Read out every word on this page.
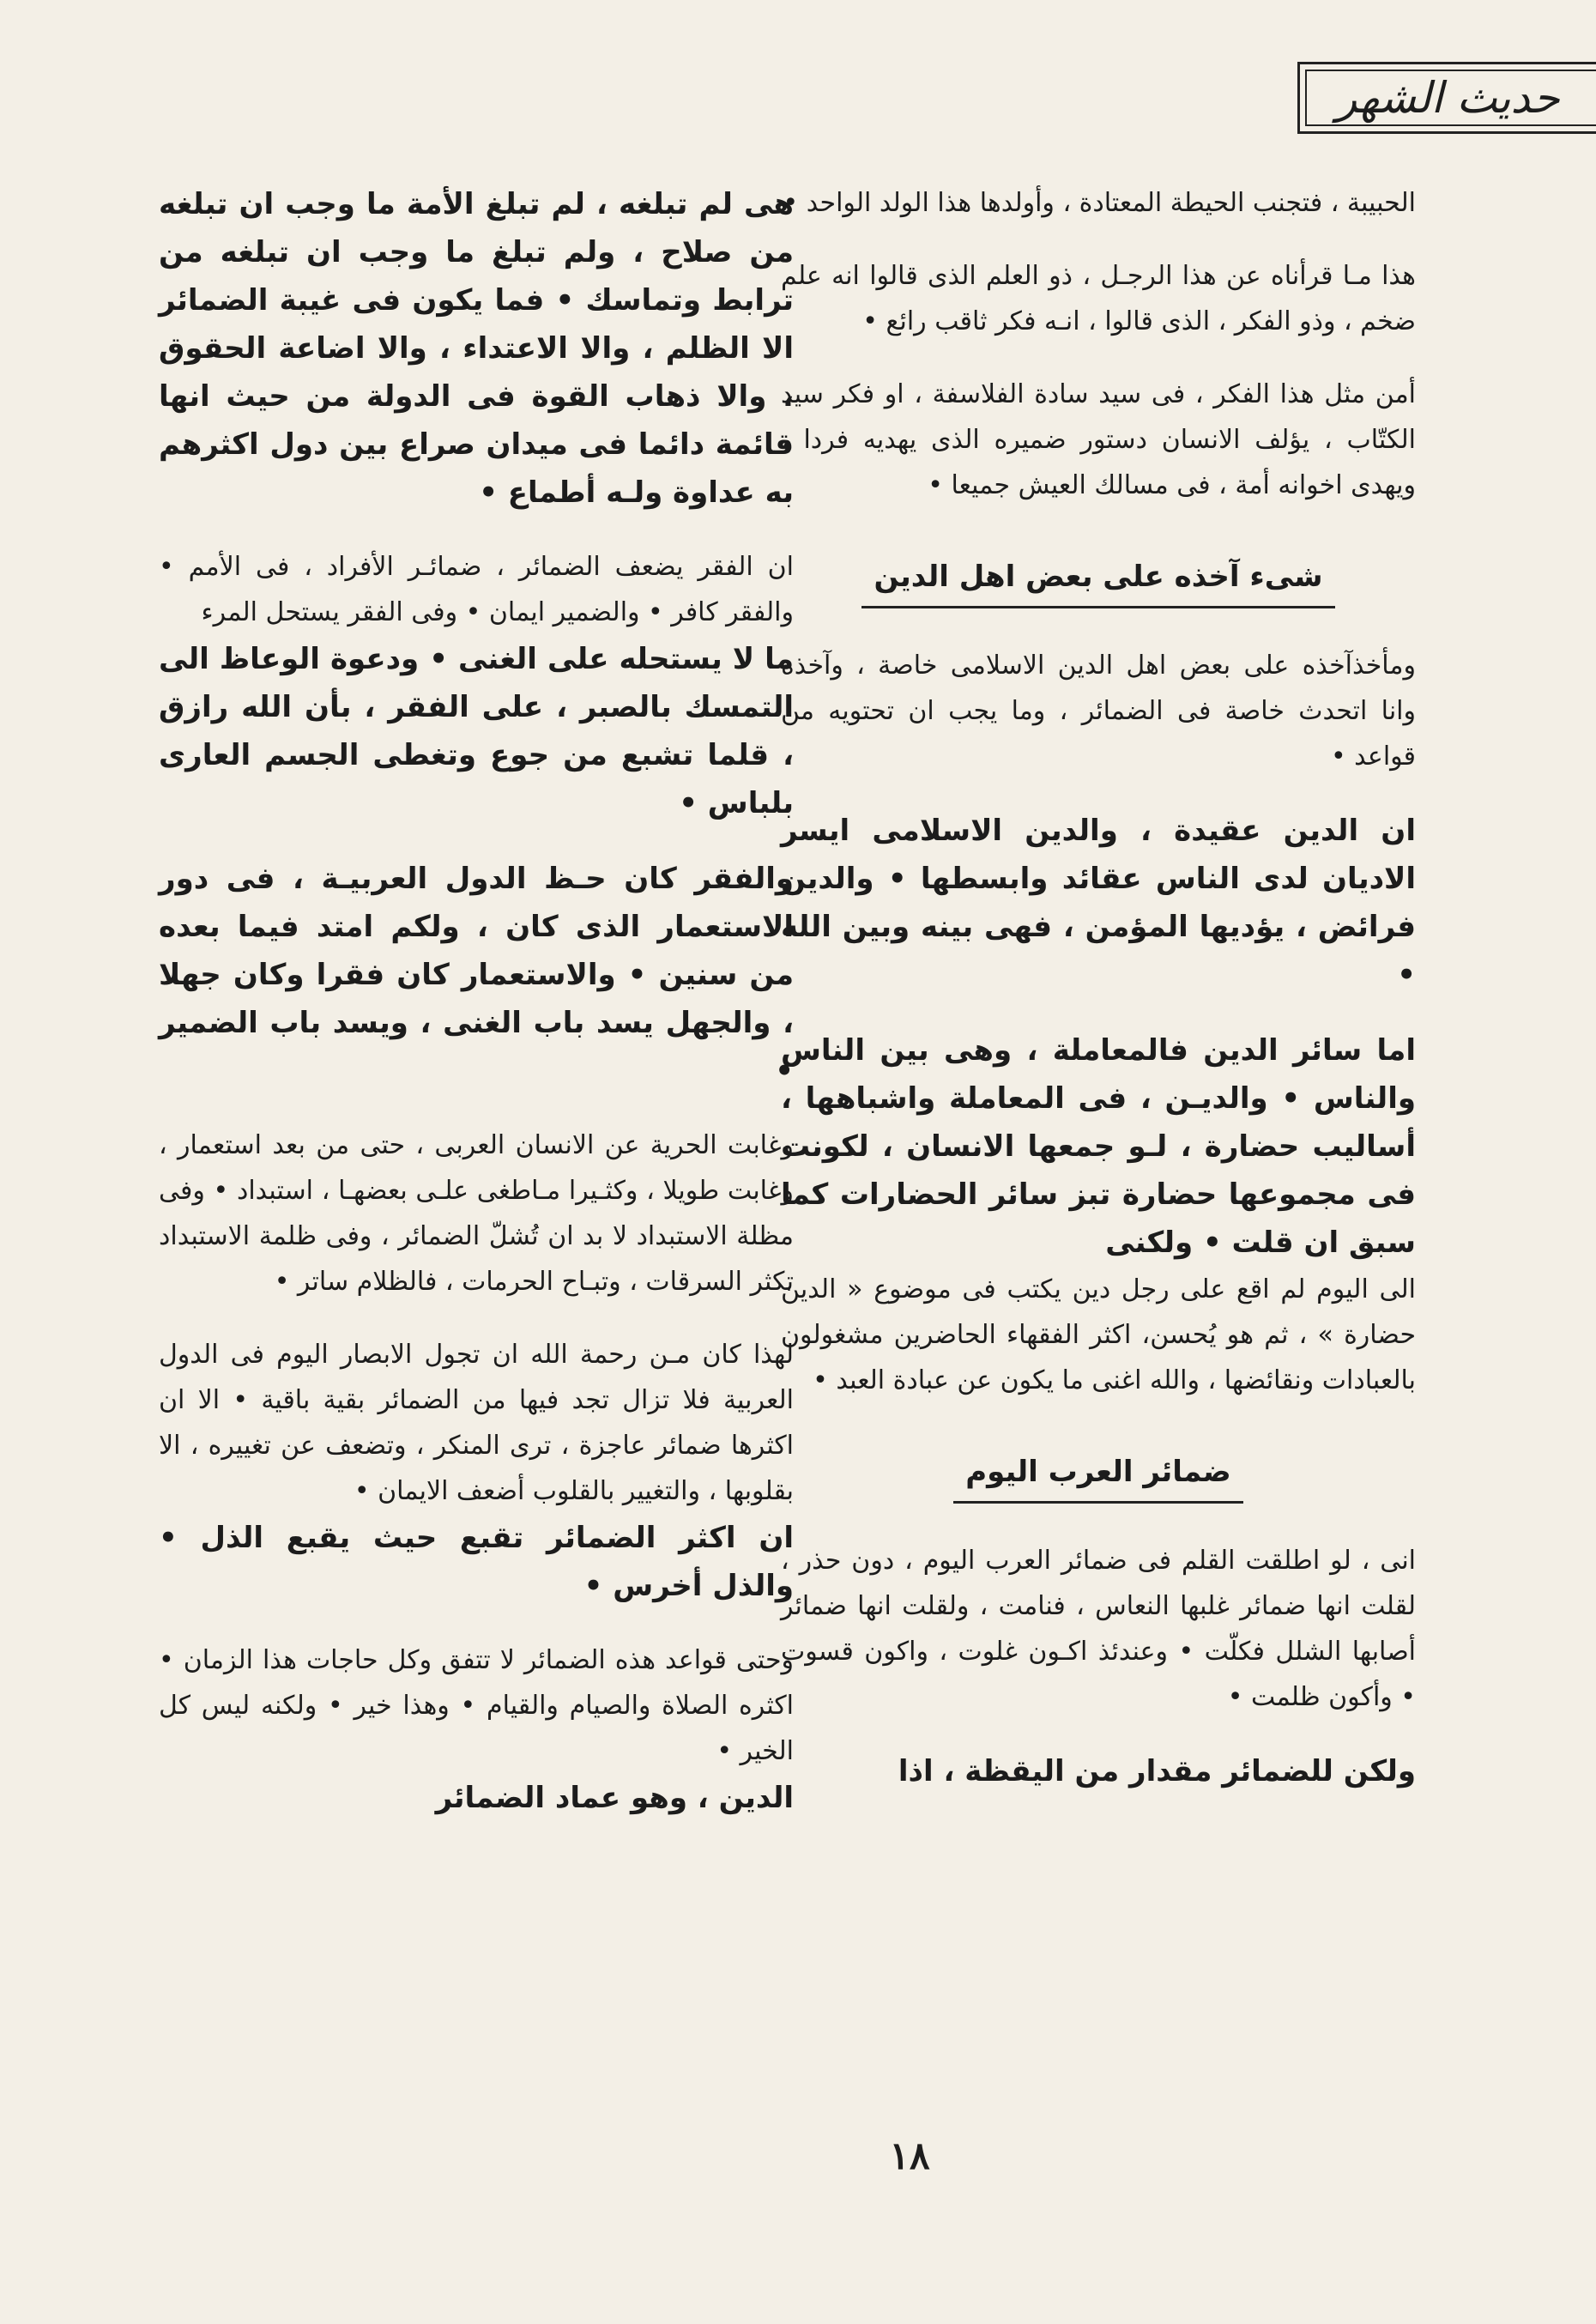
حديث الشهر

الحبيبة ، فتجنب الحيطة المعتادة ، وأولدها هذا الولد الواحد •

هذا مـا قرأناه عن هذا الرجـل ، ذو العلم الذى قالوا انه علم ضخم ، وذو الفكر ، الذى قالوا ، انـه فكر ثاقب رائع •

أمن مثل هذا الفكر ، فى سيد سادة الفلاسفة ، او فكر سيد الكتّاب ، يؤلف الانسان دستور ضميره الذى يهديه فردا ، ويهدى اخوانه أمة ، فى مسالك العيش جميعا •

شىء آخذه على بعض اهل الدين

ومأخذآخذه على بعض اهل الدين الاسلامى خاصة ، وآخذه وانا اتحدث خاصة فى الضمائر ، وما يجب ان تحتويه من قواعد •

ان الدين عقيدة ، والدين الاسلامى ايسر الاديان لدى الناس عقائد وابسطها • والدين فرائض ، يؤديها المؤمن ، فهى بينه وبين الله •

اما سائر الدين فالمعاملة ، وهى بين الناس والناس • والديـن ، فى المعاملة واشباهها ، أساليب حضارة ، لـو جمعها الانسان ، لكونت فى مجموعها حضارة تبز سائر الحضارات كما سبق ان قلت • ولكنى

الى اليوم لم اقع على رجل دين يكتب فى موضوع « الدين حضارة » ، ثم هو يُحسن، اكثر الفقهاء الحاضرين مشغولون بالعبادات ونقائضها ، والله اغنى ما يكون عن عبادة العبد •

ضمائر العرب اليوم

انى ، لو اطلقت القلم فى ضمائر العرب اليوم ، دون حذر ، لقلت انها ضمائر غلبها النعاس ، فنامت ، ولقلت انها ضمائر أصابها الشلل فكلّت • وعندئذ اكـون غلوت ، واكون قسوت • وأكون ظلمت •

ولكن للضمائر مقدار من اليقظة ، اذا

هى لم تبلغه ، لم تبلغ الأمة ما وجب ان تبلغه من صلاح ، ولم تبلغ ما وجب ان تبلغه من ترابط وتماسك • فما يكون فى غيبة الضمائر الا الظلم ، والا الاعتداء ، والا اضاعة الحقوق ، والا ذهاب القوة فى الدولة من حيث انها قائمة دائما فى ميدان صراع بين دول اكثرهم به عداوة ولـه أطماع •

ان الفقر يضعف الضمائر ، ضمائـر الأفراد ، فى الأمم • والفقر كافر • والضمير ايمان • وفى الفقر يستحل المرء

ما لا يستحله على الغنى • ودعوة الوعاظ الى التمسك بالصبر ، على الفقر ، بأن الله رازق ، قلما تشبع من جوع وتغطى الجسم العارى بلباس •

والفقر كان حـظ الدول العربيـة ، فى دور الاستعمار الذى كان ، ولكم امتد فيما بعده من سنين • والاستعمار كان فقرا وكان جهلا ، والجهل يسد باب الغنى ، ويسد باب الضمير •

وغابت الحرية عن الانسان العربى ، حتى من بعد استعمار ، وغابت طويلا ، وكثـيرا مـاطغى علـى بعضهـا ، استبداد • وفى مظلة الاستبداد لا بد ان تُشلّ الضمائر ، وفى ظلمة الاستبداد تكثر السرقات ، وتبـاح الحرمات ، فالظلام ساتر •

لهذا كان مـن رحمة الله ان تجول الابصار اليوم فى الدول العربية فلا تزال تجد فيها من الضمائر بقية باقية • الا ان اكثرها ضمائر عاجزة ، ترى المنكر ، وتضعف عن تغييره ، الا بقلوبها ، والتغيير بالقلوب أضعف الايمان •

ان اكثر الضمائر تقبع حيث يقبع الذل • والذل أخرس •

وحتى قواعد هذه الضمائر لا تتفق وكل حاجات هذا الزمان • اكثره الصلاة والصيام والقيام • وهذا خير • ولكنه ليس كل الخير •

الدين ، وهو عماد الضمائر

١٨
